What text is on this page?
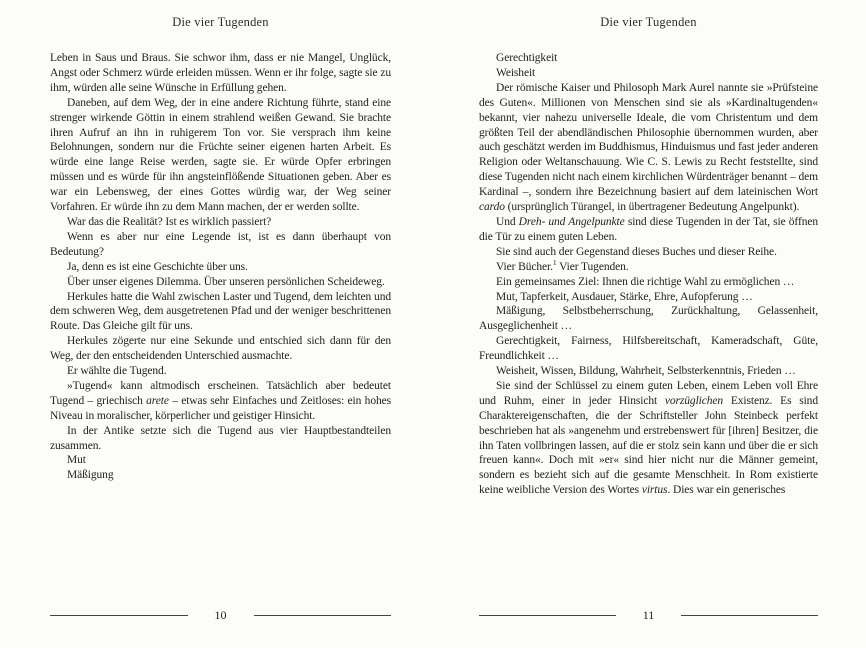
Die vier Tugenden

Leben in Saus und Braus. Sie schwor ihm, dass er nie Mangel, Unglück, Angst oder Schmerz würde erleiden müssen. Wenn er ihr folge, sagte sie zu ihm, würden alle seine Wünsche in Erfüllung gehen.

Daneben, auf dem Weg, der in eine andere Richtung führte, stand eine strenger wirkende Göttin in einem strahlend weißen Gewand. Sie brachte ihren Aufruf an ihn in ruhigerem Ton vor. Sie versprach ihm keine Belohnungen, sondern nur die Früchte seiner eigenen harten Arbeit. Es würde eine lange Reise werden, sagte sie. Er würde Opfer erbringen müssen und es würde für ihn angsteinflößende Situationen geben. Aber es war ein Lebensweg, der eines Gottes würdig war, der Weg seiner Vorfahren. Er würde ihn zu dem Mann machen, der er werden sollte.

War das die Realität? Ist es wirklich passiert?

Wenn es aber nur eine Legende ist, ist es dann überhaupt von Bedeutung?

Ja, denn es ist eine Geschichte über uns.

Über unser eigenes Dilemma. Über unseren persönlichen Scheideweg.

Herkules hatte die Wahl zwischen Laster und Tugend, dem leichten und dem schweren Weg, dem ausgetretenen Pfad und der weniger beschrittenen Route. Das Gleiche gilt für uns.

Herkules zögerte nur eine Sekunde und entschied sich dann für den Weg, der den entscheidenden Unterschied ausmachte.

Er wählte die Tugend.

»Tugend« kann altmodisch erscheinen. Tatsächlich aber bedeutet Tugend – griechisch arete – etwas sehr Einfaches und Zeitloses: ein hohes Niveau in moralischer, körperlicher und geistiger Hinsicht.

In der Antike setzte sich die Tugend aus vier Hauptbestandteilen zusammen.

Mut

Mäßigung

10
Die vier Tugenden

Gerechtigkeit

Weisheit

Der römische Kaiser und Philosoph Mark Aurel nannte sie »Prüfsteine des Guten«. Millionen von Menschen sind sie als »Kardinaltugenden« bekannt, vier nahezu universelle Ideale, die vom Christentum und dem größten Teil der abendländischen Philosophie übernommen wurden, aber auch geschätzt werden im Buddhismus, Hinduismus und fast jeder anderen Religion oder Weltanschauung. Wie C. S. Lewis zu Recht feststellte, sind diese Tugenden nicht nach einem kirchlichen Würdenträger benannt – dem Kardinal –, sondern ihre Bezeichnung basiert auf dem lateinischen Wort cardo (ursprünglich Türangel, in übertragener Bedeutung Angelpunkt).

Und Dreh- und Angelpunkte sind diese Tugenden in der Tat, sie öffnen die Tür zu einem guten Leben.

Sie sind auch der Gegenstand dieses Buches und dieser Reihe.

Vier Bücher.$^1$ Vier Tugenden.

Ein gemeinsames Ziel: Ihnen die richtige Wahl zu ermöglichen …

Mut, Tapferkeit, Ausdauer, Stärke, Ehre, Aufopferung …

Mäßigung, Selbstbeherrschung, Zurückhaltung, Gelassenheit, Ausgeglichenheit …

Gerechtigkeit, Fairness, Hilfsbereitschaft, Kameradschaft, Güte, Freundlichkeit …

Weisheit, Wissen, Bildung, Wahrheit, Selbsterkenntnis, Frieden …

Sie sind der Schlüssel zu einem guten Leben, einem Leben voll Ehre und Ruhm, einer in jeder Hinsicht vorzüglichen Existenz. Es sind Charaktereigenschaften, die der Schriftsteller John Steinbeck perfekt beschrieben hat als »angenehm und erstrebenswert für [ihren] Besitzer, die ihn Taten vollbringen lassen, auf die er stolz sein kann und über die er sich freuen kann«. Doch mit »er« sind hier nicht nur die Männer gemeint, sondern es bezieht sich auf die gesamte Menschheit. In Rom existierte keine weibliche Version des Wortes virtus. Dies war ein generisches

11
